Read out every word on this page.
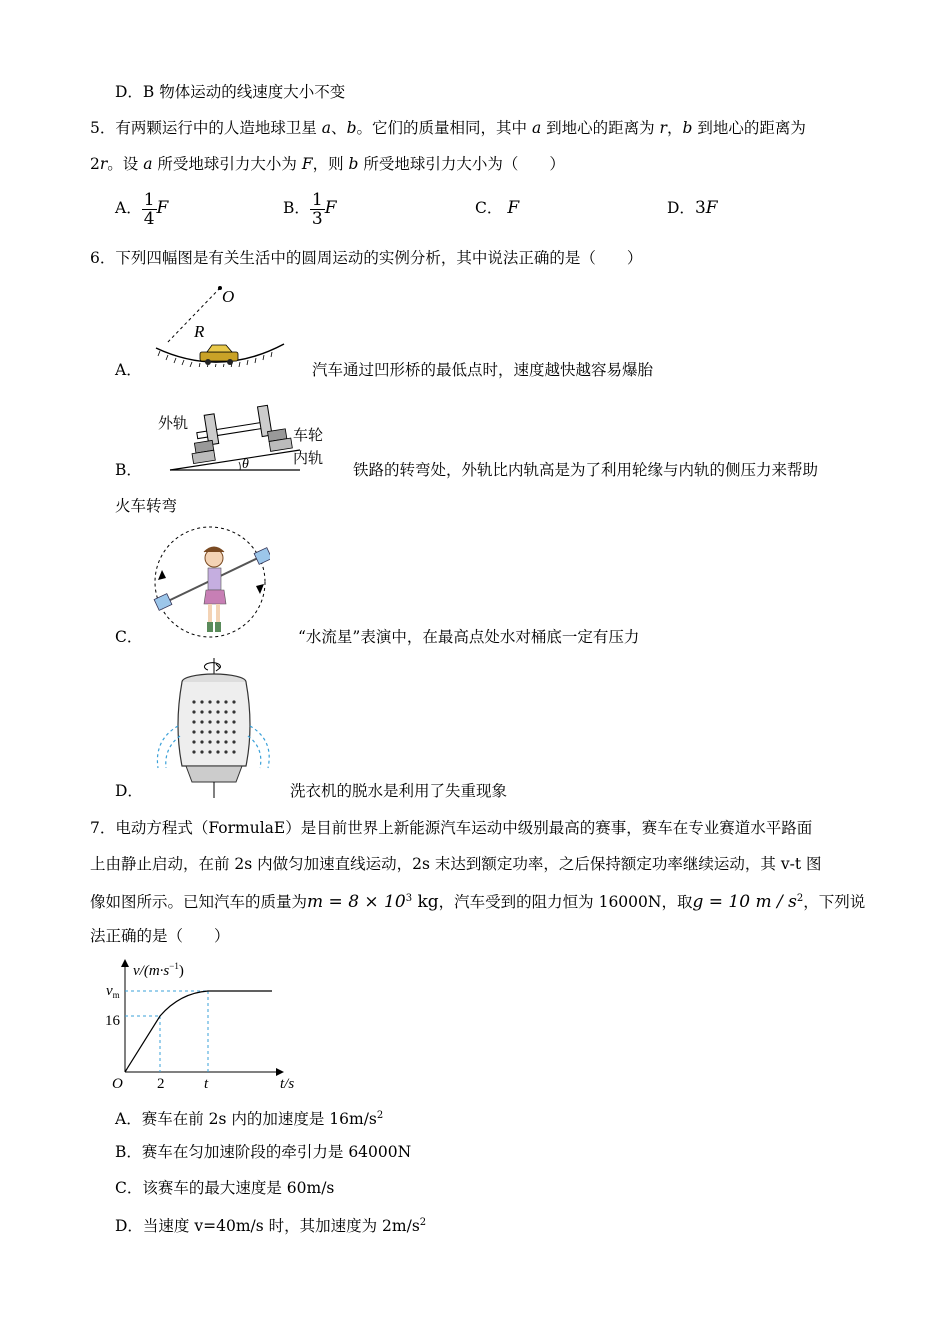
D．B 物体运动的线速度大小不变
5．有两颗运行中的人造地球卫星 a、b。它们的质量相同，其中 a 到地心的距离为 r，b 到地心的距离为
2r。设 a 所受地球引力大小为 F，则 b 所受地球引力大小为（　　）
A． $\frac{1}{4}$ F	B． $\frac{1}{3}$ F	C． F	D．3F
6．下列四幅图是有关生活中的圆周运动的实例分析，其中说法正确的是（　　）
O
R
A．	汽车通过凹形桥的最低点时，速度越快越容易爆胎
θ
外轨
车轮
内轨
B．	铁路的转弯处，外轨比内轨高是为了利用轮缘与内轨的侧压力来帮助
火车转弯
C．	“水流星”表演中，在最高点处水对桶底一定有压力
D．	洗衣机的脱水是利用了失重现象
7．电动方程式（FormulaE）是目前世界上新能源汽车运动中级别最高的赛事，赛车在专业赛道水平路面
上由静止启动，在前 2s 内做匀加速直线运动，2s 末达到额定功率，之后保持额定功率继续运动，其 v-t 图
像如图所示。已知汽车的质量为$m = 8 \times 10^3$ kg，汽车受到的阻力恒为 16000N，取g = 10 m / $s^2$，下列说
法正确的是（　　）
$v/(m\cdot s^{-1})$
$v_m$
16
O 2	t	t/s
A．赛车在前 2s 内的加速度是 $16m/s^2$
B．赛车在匀加速阶段的牵引力是 64000N
C．该赛车的最大速度是 60m/s
D．当速度 v=40m/s 时，其加速度为 $2m/s^2$
